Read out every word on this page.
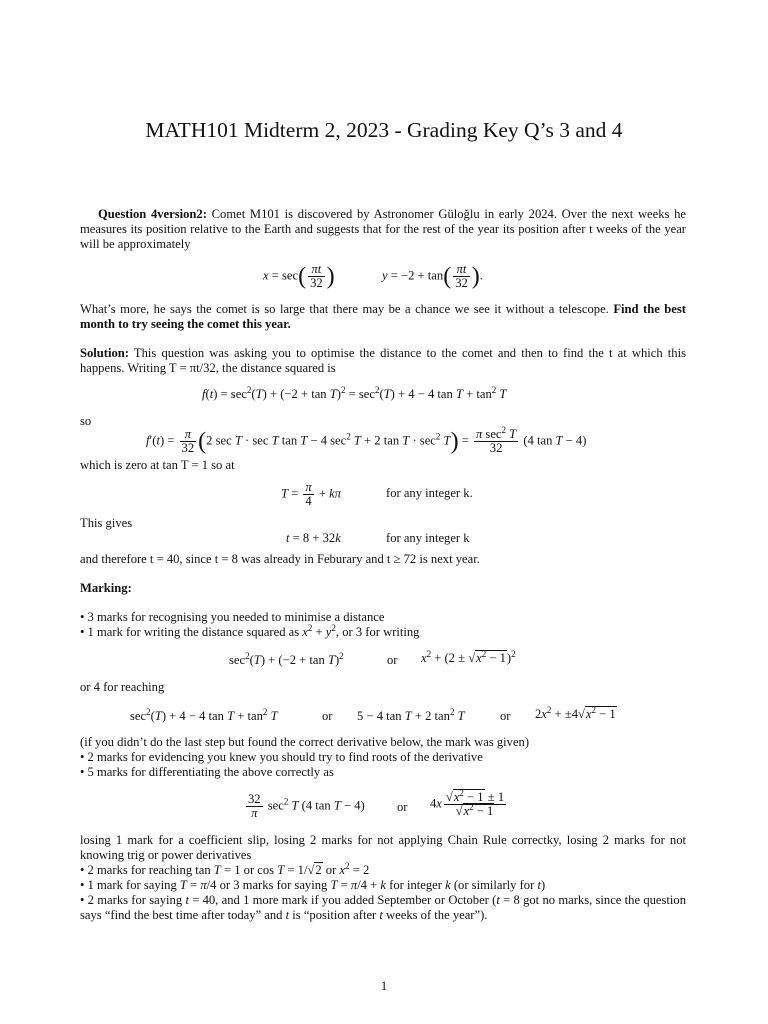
MATH101 Midterm 2, 2023 - Grading Key Q’s 3 and 4
Question 4version2: Comet M101 is discovered by Astronomer Güloğlu in early 2024. Over the next weeks he measures its position relative to the Earth and suggests that for the rest of the year its position after t weeks of the year will be approximately
$x = \sec( \frac{\pi t}{32}$ )	$y = -2 + \tan( \frac{\pi t}{32}$ ).
What’s more, he says the comet is so large that there may be a chance we see it without a telescope. Find the best month to try seeing the comet this year.
Solution: This question was asking you to optimise the distance to the comet and then to find the t at which this happens. Writing T = πt/32, the distance squared is
$f(t) = \sec^2(T) + (-2 + \tan T)^2 = \sec^2(T) + 4 - 4$ $\tan T + \tan^2 T$
so
$f'(t) = \frac{\pi}{32} (2$ sec T · sec T tan T − 4 $\sec^2 T + 2$ $\tan T \cdot \sec^2 T) = \frac{\pi \sec^2 T}{32} (4$ tan T − 4)
which is zero at tan T = 1 so at
$T = \frac{\pi}{4} + k\pi$	for any integer k.
This gives
t = 8 + 32k	for any integer k
and therefore t = 40, since t = 8 was already in Feburary and t ≥ 72 is next year.
Marking:
• 3 marks for recognising you needed to minimise a distance
• 1 mark for writing the distance squared as $x^2 + y^2$, or 3 for writing
$\sec^2(T) + (-2 + \tan T)^2$	or $x^2 + (2 \pm √x^2 - 1)^2$
or 4 for reaching
$\sec^2(T) + 4 - 4$ $\tan T + \tan^2 T$	or 5 − 4 tan T + 2 $\tan^2 T$	or $2x^2 + \pm 4√x^2 - 1$
(if you didn’t do the last step but found the correct derivative below, the mark was given)
• 2 marks for evidencing you knew you should try to find roots of the derivative
• 5 marks for differentiating the above correctly as
$\frac{32}{\pi} \sec^2 T$ (4 tan T − 4)	or $4x \frac{√x^2 - 1 \pm 1}{√x^2 - 1}$
losing 1 mark for a coefficient slip, losing 2 marks for not applying Chain Rule correctky, losing 2 marks for not knowing trig or power derivatives
• 2 marks for reaching tan T = 1 or cos T = 1/√2 or $x^2 = 2$
• 1 mark for saying T = π/4 or 3 marks for saying T = π/4 + k for integer k (or similarly for t)
• 2 marks for saying t = 40, and 1 more mark if you added September or October (t = 8 got no marks, since the question says “find the best time after today” and t is “position after t weeks of the year”).
1
